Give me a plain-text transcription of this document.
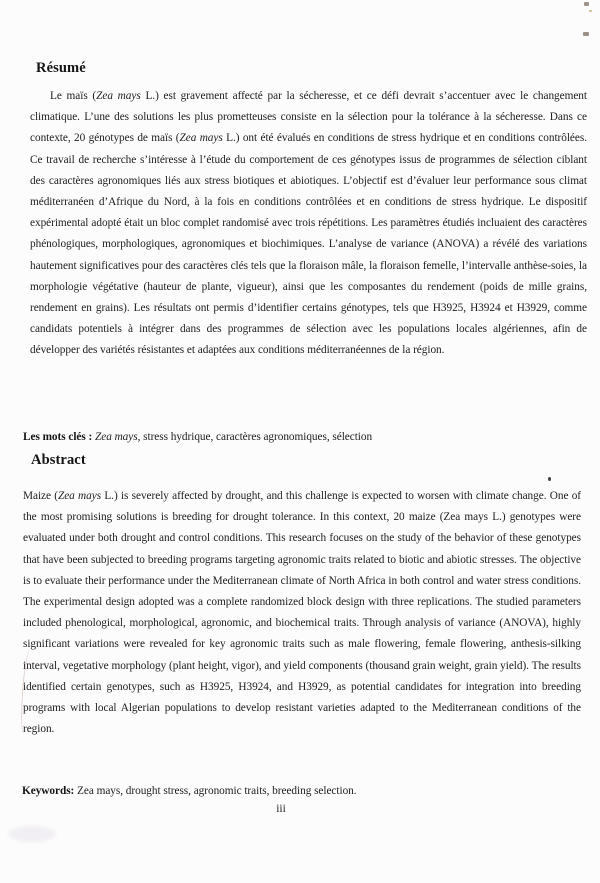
Résumé

Le maïs (Zea mays L.) est gravement affecté par la sécheresse, et ce défi devrait s’accentuer avec le changement climatique. L’une des solutions les plus prometteuses consiste en la sélection pour la tolérance à la sécheresse. Dans ce contexte, 20 génotypes de maïs (Zea mays L.) ont été évalués en conditions de stress hydrique et en conditions contrôlées. Ce travail de recherche s’intéresse à l’étude du comportement de ces génotypes issus de programmes de sélection ciblant des caractères agronomiques liés aux stress biotiques et abiotiques. L’objectif est d’évaluer leur performance sous climat méditerranéen d’Afrique du Nord, à la fois en conditions contrôlées et en conditions de stress hydrique. Le dispositif expérimental adopté était un bloc complet randomisé avec trois répétitions. Les paramètres étudiés incluaient des caractères phénologiques, morphologiques, agronomiques et biochimiques. L’analyse de variance (ANOVA) a révélé des variations hautement significatives pour des caractères clés tels que la floraison mâle, la floraison femelle, l’intervalle anthèse-soies, la morphologie végétative (hauteur de plante, vigueur), ainsi que les composantes du rendement (poids de mille grains, rendement en grains). Les résultats ont permis d’identifier certains génotypes, tels que H3925, H3924 et H3929, comme candidats potentiels à intégrer dans des programmes de sélection avec les populations locales algériennes, afin de développer des variétés résistantes et adaptées aux conditions méditerranéennes de la région.

Les mots clés : Zea mays, stress hydrique, caractères agronomiques, sélection

Abstract

Maize (Zea mays L.) is severely affected by drought, and this challenge is expected to worsen with climate change. One of the most promising solutions is breeding for drought tolerance. In this context, 20 maize (Zea mays L.) genotypes were evaluated under both drought and control conditions. This research focuses on the study of the behavior of these genotypes that have been subjected to breeding programs targeting agronomic traits related to biotic and abiotic stresses. The objective is to evaluate their performance under the Mediterranean climate of North Africa in both control and water stress conditions. The experimental design adopted was a complete randomized block design with three replications. The studied parameters included phenological, morphological, agronomic, and biochemical traits. Through analysis of variance (ANOVA), highly significant variations were revealed for key agronomic traits such as male flowering, female flowering, anthesis-silking interval, vegetative morphology (plant height, vigor), and yield components (thousand grain weight, grain yield). The results identified certain genotypes, such as H3925, H3924, and H3929, as potential candidates for integration into breeding programs with local Algerian populations to develop resistant varieties adapted to the Mediterranean conditions of the region.

Keywords: Zea mays, drought stress, agronomic traits, breeding selection.

iii
